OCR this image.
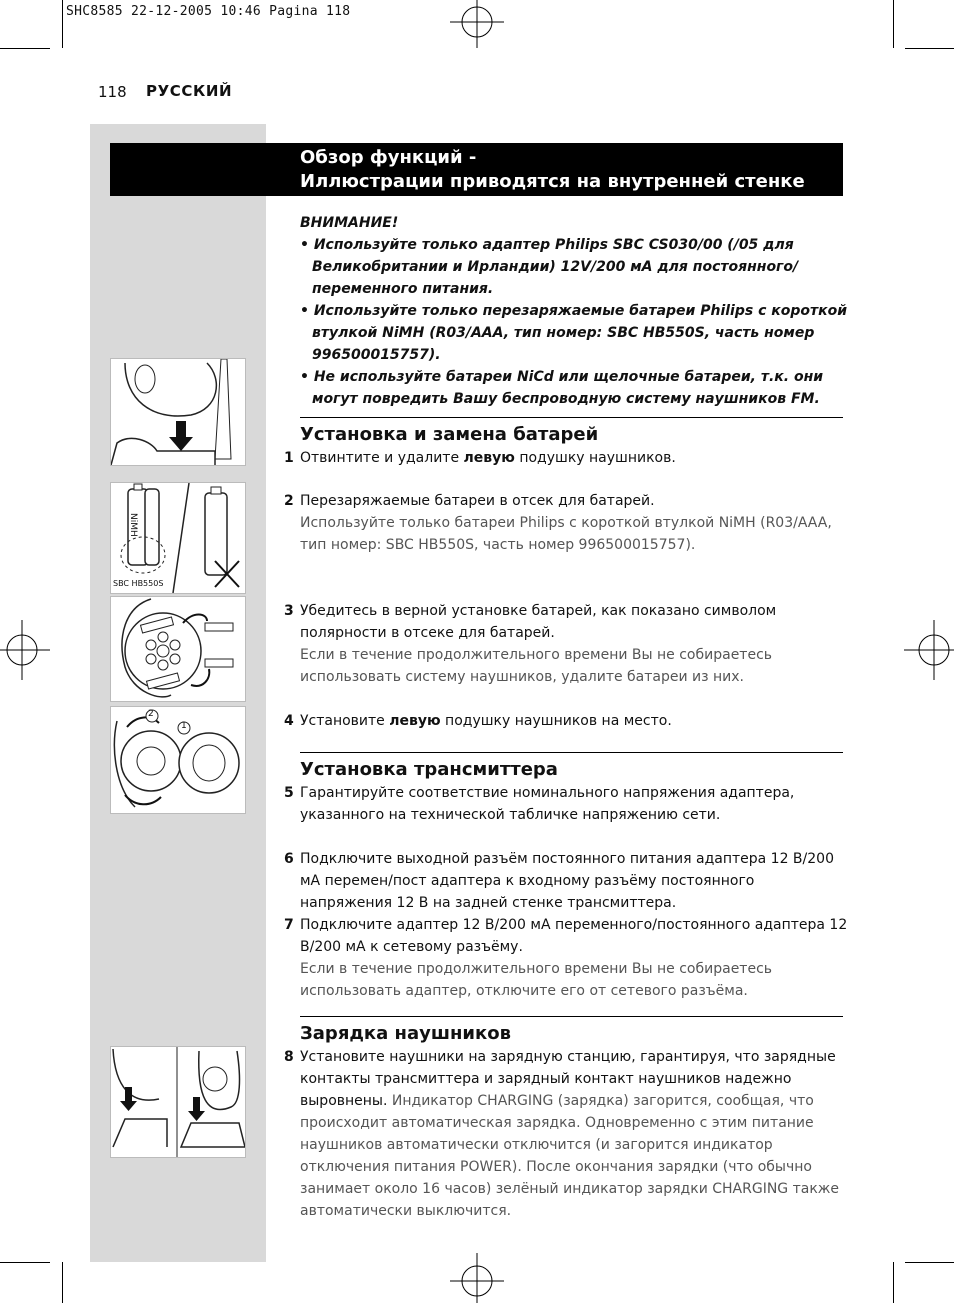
SHC8585 22-12-2005 10:46 Pagina 118
118 РУССКИЙ
Обзор функций -
Иллюстрации приводятся на внутренней стенке
ВНИМАНИЕ!
• Используйте только адаптер Philips SBC CS030/00 (/05 для Великобритании и Ирландии) 12V/200 мА для постоянного/переменного питания.
• Используйте только перезаряжаемые батареи Philips с короткой втулкой NiMH (R03/AAA, тип номер: SBC HB550S, часть номер 996500015757).
• Не используйте батареи NiCd или щелочные батареи, т.к. они могут повредить Вашу беспроводную систему наушников FM.
Установка и замена батарей
1 Отвинтите и удалите левую подушку наушников.
2 Перезаряжаемые батареи в отсек для батарей.
Используйте только батареи Philips с короткой втулкой NiMH (R03/AAA, тип номер: SBC HB550S, часть номер 996500015757).
3 Убедитесь в верной установке батарей, как показано символом полярности в отсеке для батарей.
Если в течение продолжительного времени Вы не собираетесь использовать систему наушников, удалите батареи из них.
4 Установите левую подушку наушников на место.
Установка трансмиттера
5 Гарантируйте соответствие номинального напряжения адаптера, указанного на технической табличке напряжению сети.
6 Подключите выходной разъём постоянного питания адаптера 12 В/200 мА перемен/пост адаптера к входному разъёму постоянного напряжения 12 В на задней стенке трансмиттера.
7 Подключите адаптер 12 В/200 мА переменного/постоянного адаптера 12 В/200 мА к сетевому разъёму.
Если в течение продолжительного времени Вы не собираетесь использовать адаптер, отключите его от сетевого разъёма.
Зарядка наушников
8 Установите наушники на зарядную станцию, гарантируя, что зарядные контакты трансмиттера и зарядный контакт наушников надежно выровнены. Индикатор CHARGING (зарядка) загорится, сообщая, что происходит автоматическая зарядка. Одновременно с этим питание наушников автоматически отключится (и загорится индикатор отключения питания POWER). После окончания зарядки (что обычно занимает около 16 часов) зелёный индикатор зарядки CHARGING также автоматически выключится.
NiMH
SBC HB550S
2
1
